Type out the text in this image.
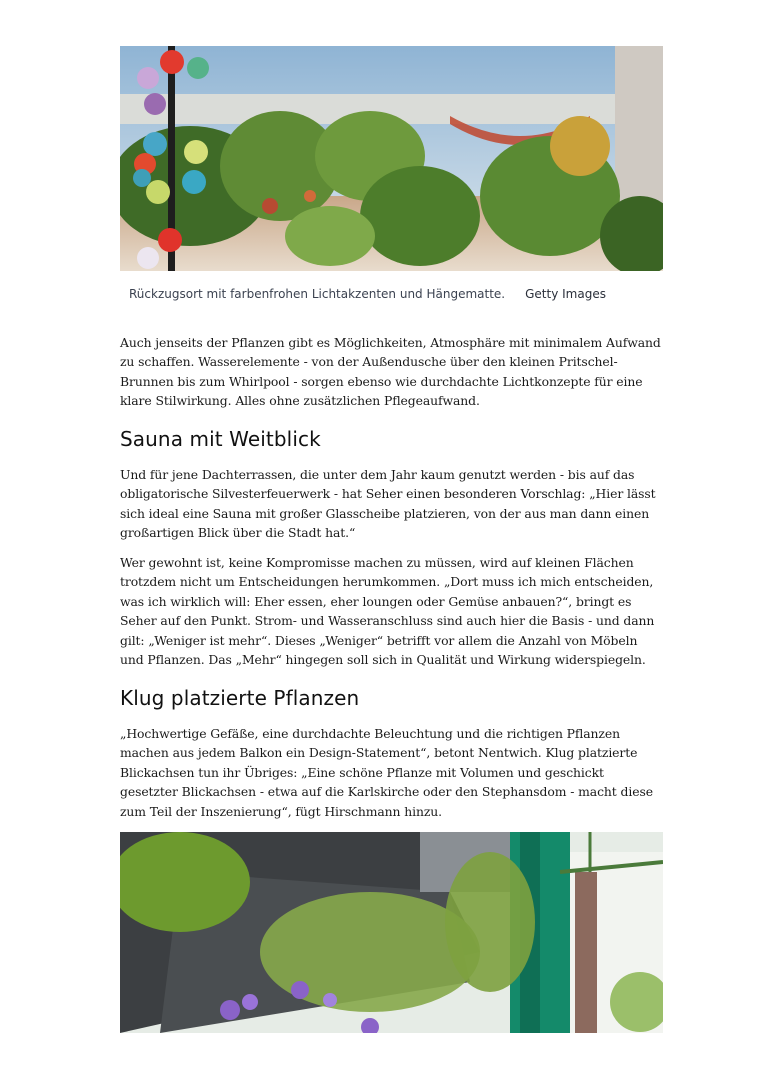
Rückzugsort mit farbenfrohen Lichtakzenten und Hängematte. Getty Images

Auch jenseits der Pflanzen gibt es Möglichkeiten, Atmosphäre mit minimalem Aufwand zu schaffen. Wasserelemente - von der Außendusche über den kleinen Pritschel-Brunnen bis zum Whirlpool - sorgen ebenso wie durchdachte Lichtkonzepte für eine klare Stilwirkung. Alles ohne zusätzlichen Pflegeaufwand.

Sauna mit Weitblick

Und für jene Dachterrassen, die unter dem Jahr kaum genutzt werden - bis auf das obligatorische Silvesterfeuerwerk - hat Seher einen besonderen Vorschlag: „Hier lässt sich ideal eine Sauna mit großer Glasscheibe platzieren, von der aus man dann einen großartigen Blick über die Stadt hat.“

Wer gewohnt ist, keine Kompromisse machen zu müssen, wird auf kleinen Flächen trotzdem nicht um Entscheidungen herumkommen. „Dort muss ich mich entscheiden, was ich wirklich will: Eher essen, eher loungen oder Gemüse anbauen?“, bringt es Seher auf den Punkt. Strom- und Wasseranschluss sind auch hier die Basis - und dann gilt: „Weniger ist mehr“. Dieses „Weniger“ betrifft vor allem die Anzahl von Möbeln und Pflanzen. Das „Mehr“ hingegen soll sich in Qualität und Wirkung widerspiegeln.

Klug platzierte Pflanzen

„Hochwertige Gefäße, eine durchdachte Beleuchtung und die richtigen Pflanzen machen aus jedem Balkon ein Design-Statement“, betont Nentwich. Klug platzierte Blickachsen tun ihr Übriges: „Eine schöne Pflanze mit Volumen und geschickt gesetzter Blickachsen - etwa auf die Karlskirche oder den Stephansdom - macht diese zum Teil der Inszenierung“, fügt Hirschmann hinzu.
